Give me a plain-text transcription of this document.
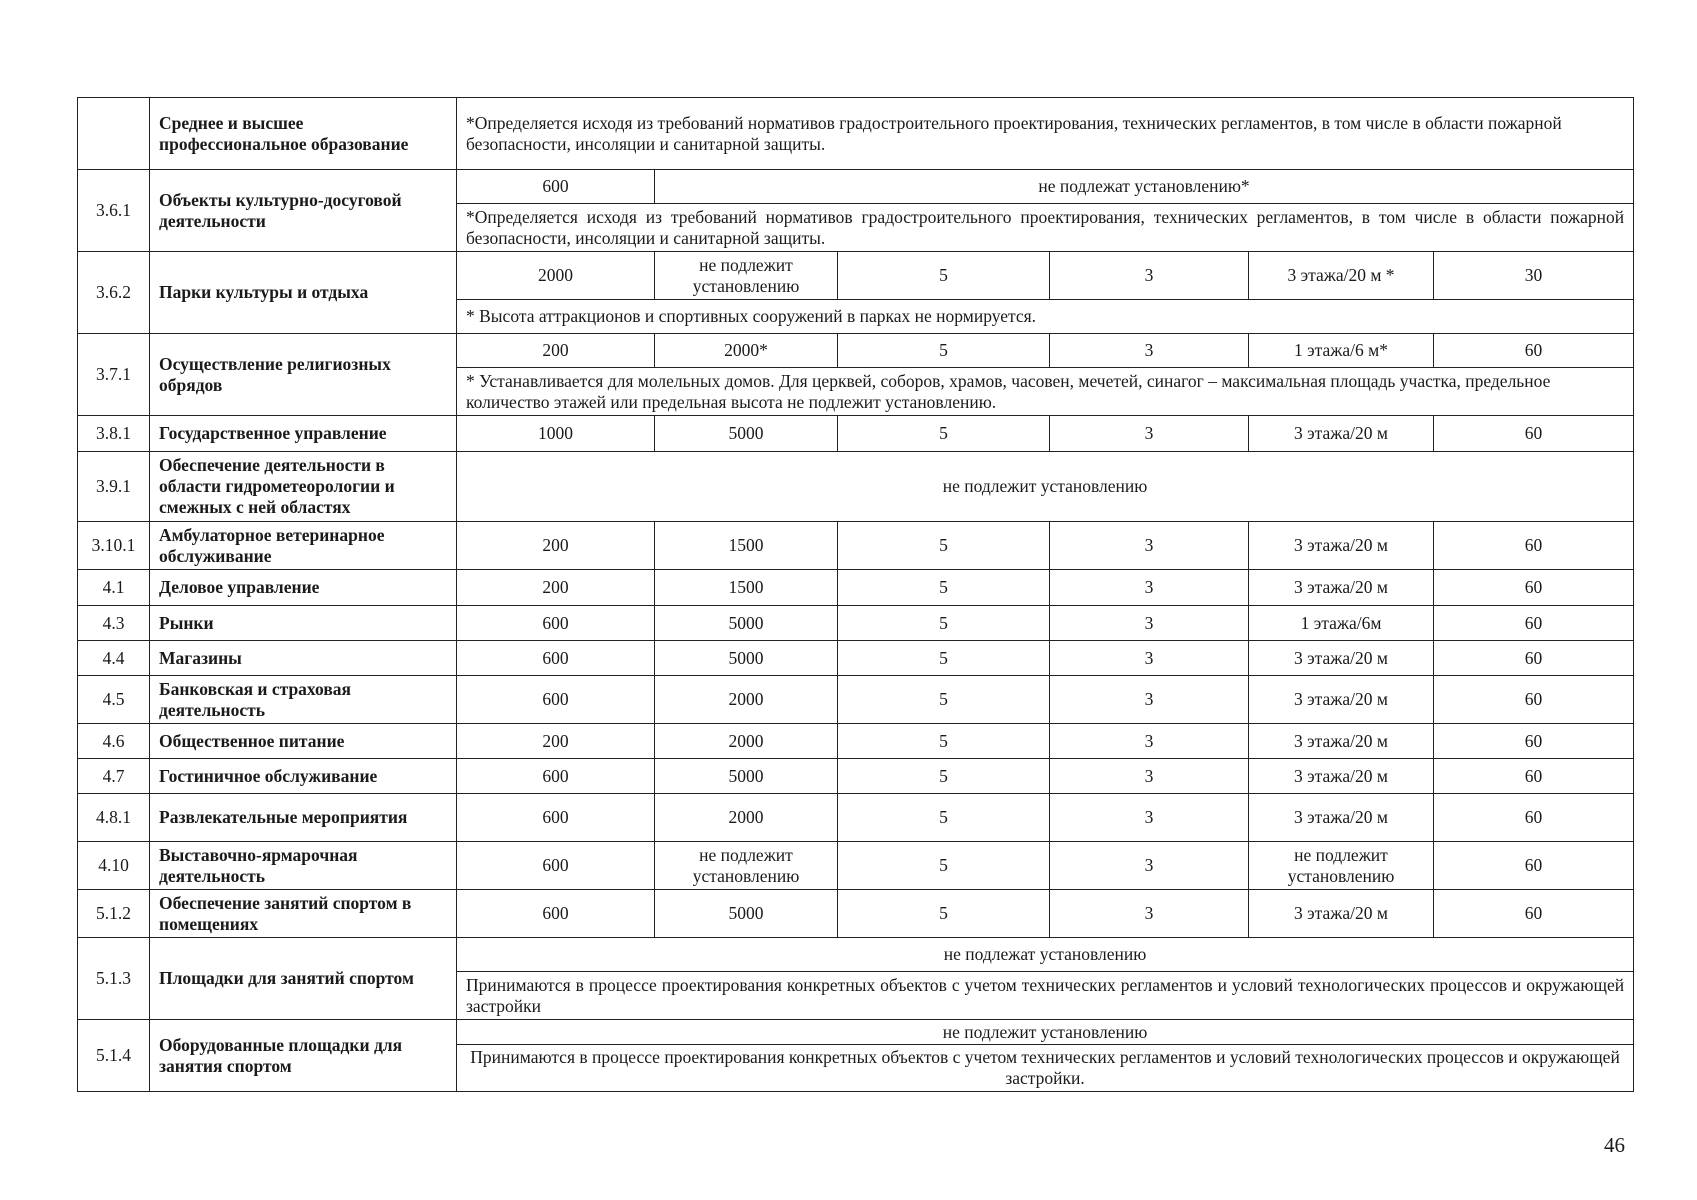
	Среднее и высшее профессиональное образование	*Определяется исходя из требований нормативов градостроительного проектирования, технических регламентов, в том числе в области пожарной безопасности, инсоляции и санитарной защиты.					
3.6.1	Объекты культурно-досуговой деятельности	600	не подлежат установлению*				
		*Определяется исходя из требований нормативов градостроительного проектирования, технических регламентов, в том числе в области пожарной безопасности, инсоляции и санитарной защиты.					
3.6.2	Парки культуры и отдыха	2000	не подлежит установлению	5	3	3 этажа/20 м *	30
		* Высота аттракционов и спортивных сооружений в парках не нормируется.					
3.7.1	Осуществление религиозных обрядов	200	2000*	5	3	1 этажа/6 м*	60
		* Устанавливается для молельных домов. Для церквей, соборов, храмов, часовен, мечетей, синагог – максимальная площадь участка, предельное количество этажей или предельная высота не подлежит установлению.					
3.8.1	Государственное управление	1000	5000	5	3	3 этажа/20 м	60
3.9.1	Обеспечение деятельности в области гидрометеорологии и смежных с ней областях	не подлежит установлению					
3.10.1	Амбулаторное ветеринарное обслуживание	200	1500	5	3	3 этажа/20 м	60
4.1	Деловое управление	200	1500	5	3	3 этажа/20 м	60
4.3	Рынки	600	5000	5	3	1 этажа/6м	60
4.4	Магазины	600	5000	5	3	3 этажа/20 м	60
4.5	Банковская и страховая деятельность	600	2000	5	3	3 этажа/20 м	60
4.6	Общественное питание	200	2000	5	3	3 этажа/20 м	60
4.7	Гостиничное обслуживание	600	5000	5	3	3 этажа/20 м	60
4.8.1	Развлекательные мероприятия	600	2000	5	3	3 этажа/20 м	60
4.10	Выставочно-ярмарочная деятельность	600	не подлежит установлению	5	3	не подлежит установлению	60
5.1.2	Обеспечение занятий спортом в помещениях	600	5000	5	3	3 этажа/20 м	60
5.1.3	Площадки для занятий спортом	не подлежат установлению					
		Принимаются в процессе проектирования конкретных объектов с учетом технических регламентов и условий технологических процессов и окружающей застройки					
5.1.4	Оборудованные площадки для занятия спортом	не подлежит установлению					
		Принимаются в процессе проектирования конкретных объектов с учетом технических регламентов и условий технологических процессов и окружающей застройки.					
46
